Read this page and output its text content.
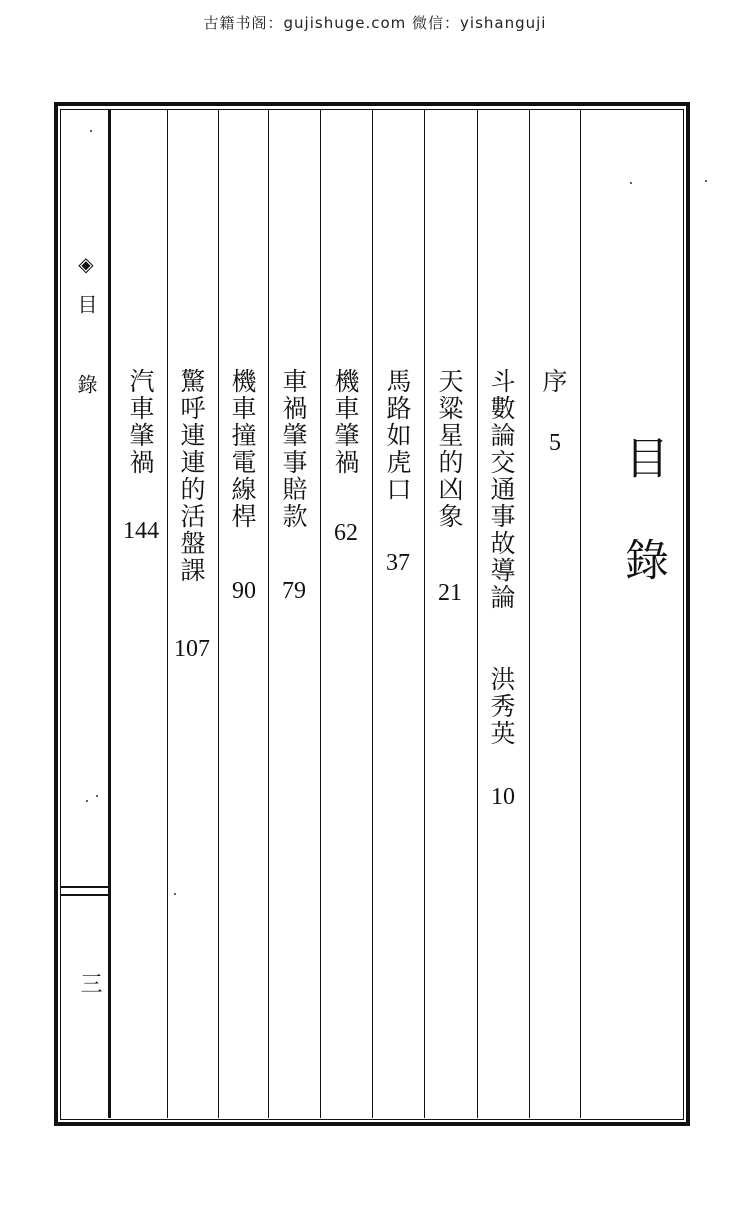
古籍书阁：gujishuge.com 微信：yishanguji
◈目 錄
三
目錄
序
5
斗數論交通事故導論
洪秀英
10
天粱星的凶象
21
馬路如虎口
37
機車肇禍
62
車禍肇事賠款
79
機車撞電線桿
90
驚呼連連的活盤課
107
汽車肇禍
144
